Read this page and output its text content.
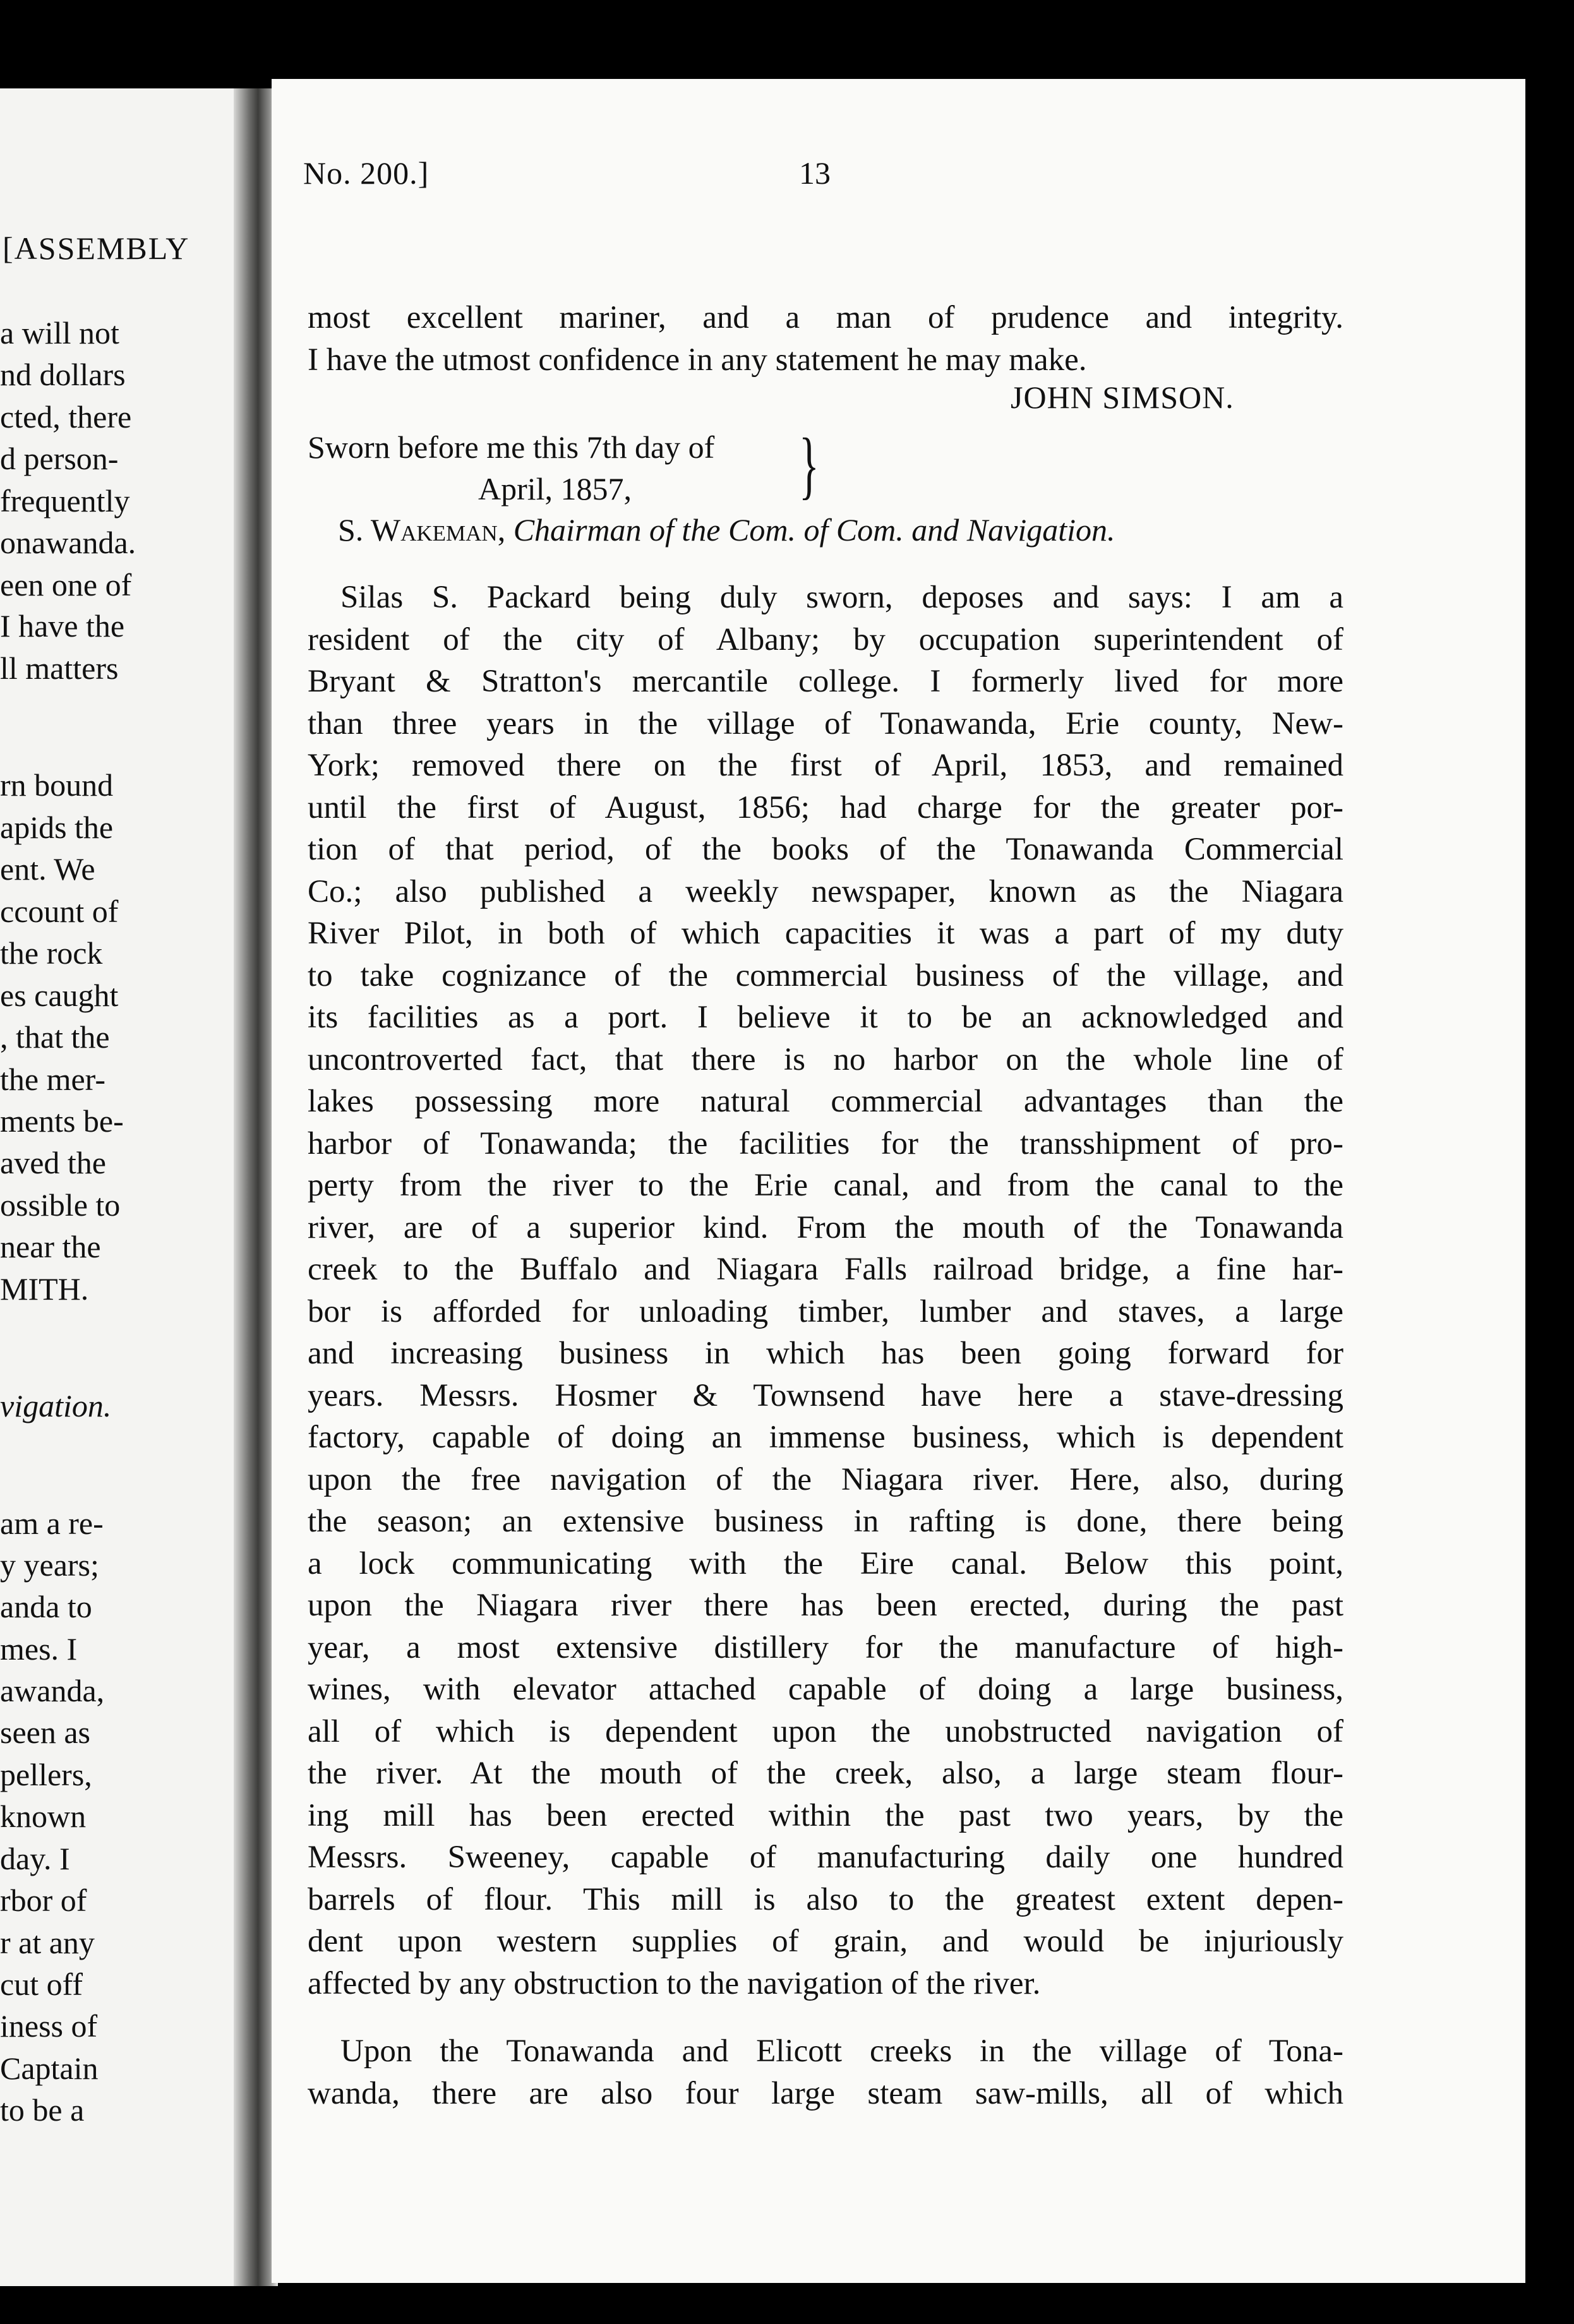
[ASSEMBLY
a will not
nd dollars
cted, there
d person-
frequently
onawanda.
een one of
I have the
ll matters
rn bound
apids the
ent. We
ccount of
the rock
es caught
, that the
the mer-
ments be-
aved the
ossible to
near the
MITH.
vigation.
am a re-
y years;
anda to
mes. I
awanda,
seen as
pellers,
known
day. I
rbor of
r at any
cut off
iness of
Captain
to be a
No. 200.]	13
most excellent mariner, and a man of prudence and integrity.
I have the utmost confidence in any statement he may make.
JOHN SIMSON.
Sworn before me this 7th day of
April, 1857,	}
S. Wakeman, Chairman of the Com. of Com. and Navigation.
Silas S. Packard being duly sworn, deposes and says: I am a
resident of the city of Albany; by occupation superintendent of
Bryant & Stratton's mercantile college. I formerly lived for more
than three years in the village of Tonawanda, Erie county, New-
York; removed there on the first of April, 1853, and remained
until the first of August, 1856; had charge for the greater por-
tion of that period, of the books of the Tonawanda Commercial
Co.; also published a weekly newspaper, known as the Niagara
River Pilot, in both of which capacities it was a part of my duty
to take cognizance of the commercial business of the village, and
its facilities as a port. I believe it to be an acknowledged and
uncontroverted fact, that there is no harbor on the whole line of
lakes possessing more natural commercial advantages than the
harbor of Tonawanda; the facilities for the transshipment of pro-
perty from the river to the Erie canal, and from the canal to the
river, are of a superior kind. From the mouth of the Tonawanda
creek to the Buffalo and Niagara Falls railroad bridge, a fine har-
bor is afforded for unloading timber, lumber and staves, a large
and increasing business in which has been going forward for
years. Messrs. Hosmer & Townsend have here a stave-dressing
factory, capable of doing an immense business, which is dependent
upon the free navigation of the Niagara river. Here, also, during
the season; an extensive business in rafting is done, there being
a lock communicating with the Eire canal. Below this point,
upon the Niagara river there has been erected, during the past
year, a most extensive distillery for the manufacture of high-
wines, with elevator attached capable of doing a large business,
all of which is dependent upon the unobstructed navigation of
the river. At the mouth of the creek, also, a large steam flour-
ing mill has been erected within the past two years, by the
Messrs. Sweeney, capable of manufacturing daily one hundred
barrels of flour. This mill is also to the greatest extent depen-
dent upon western supplies of grain, and would be injuriously
affected by any obstruction to the navigation of the river.
Upon the Tonawanda and Elicott creeks in the village of Tona-
wanda, there are also four large steam saw-mills, all of which
